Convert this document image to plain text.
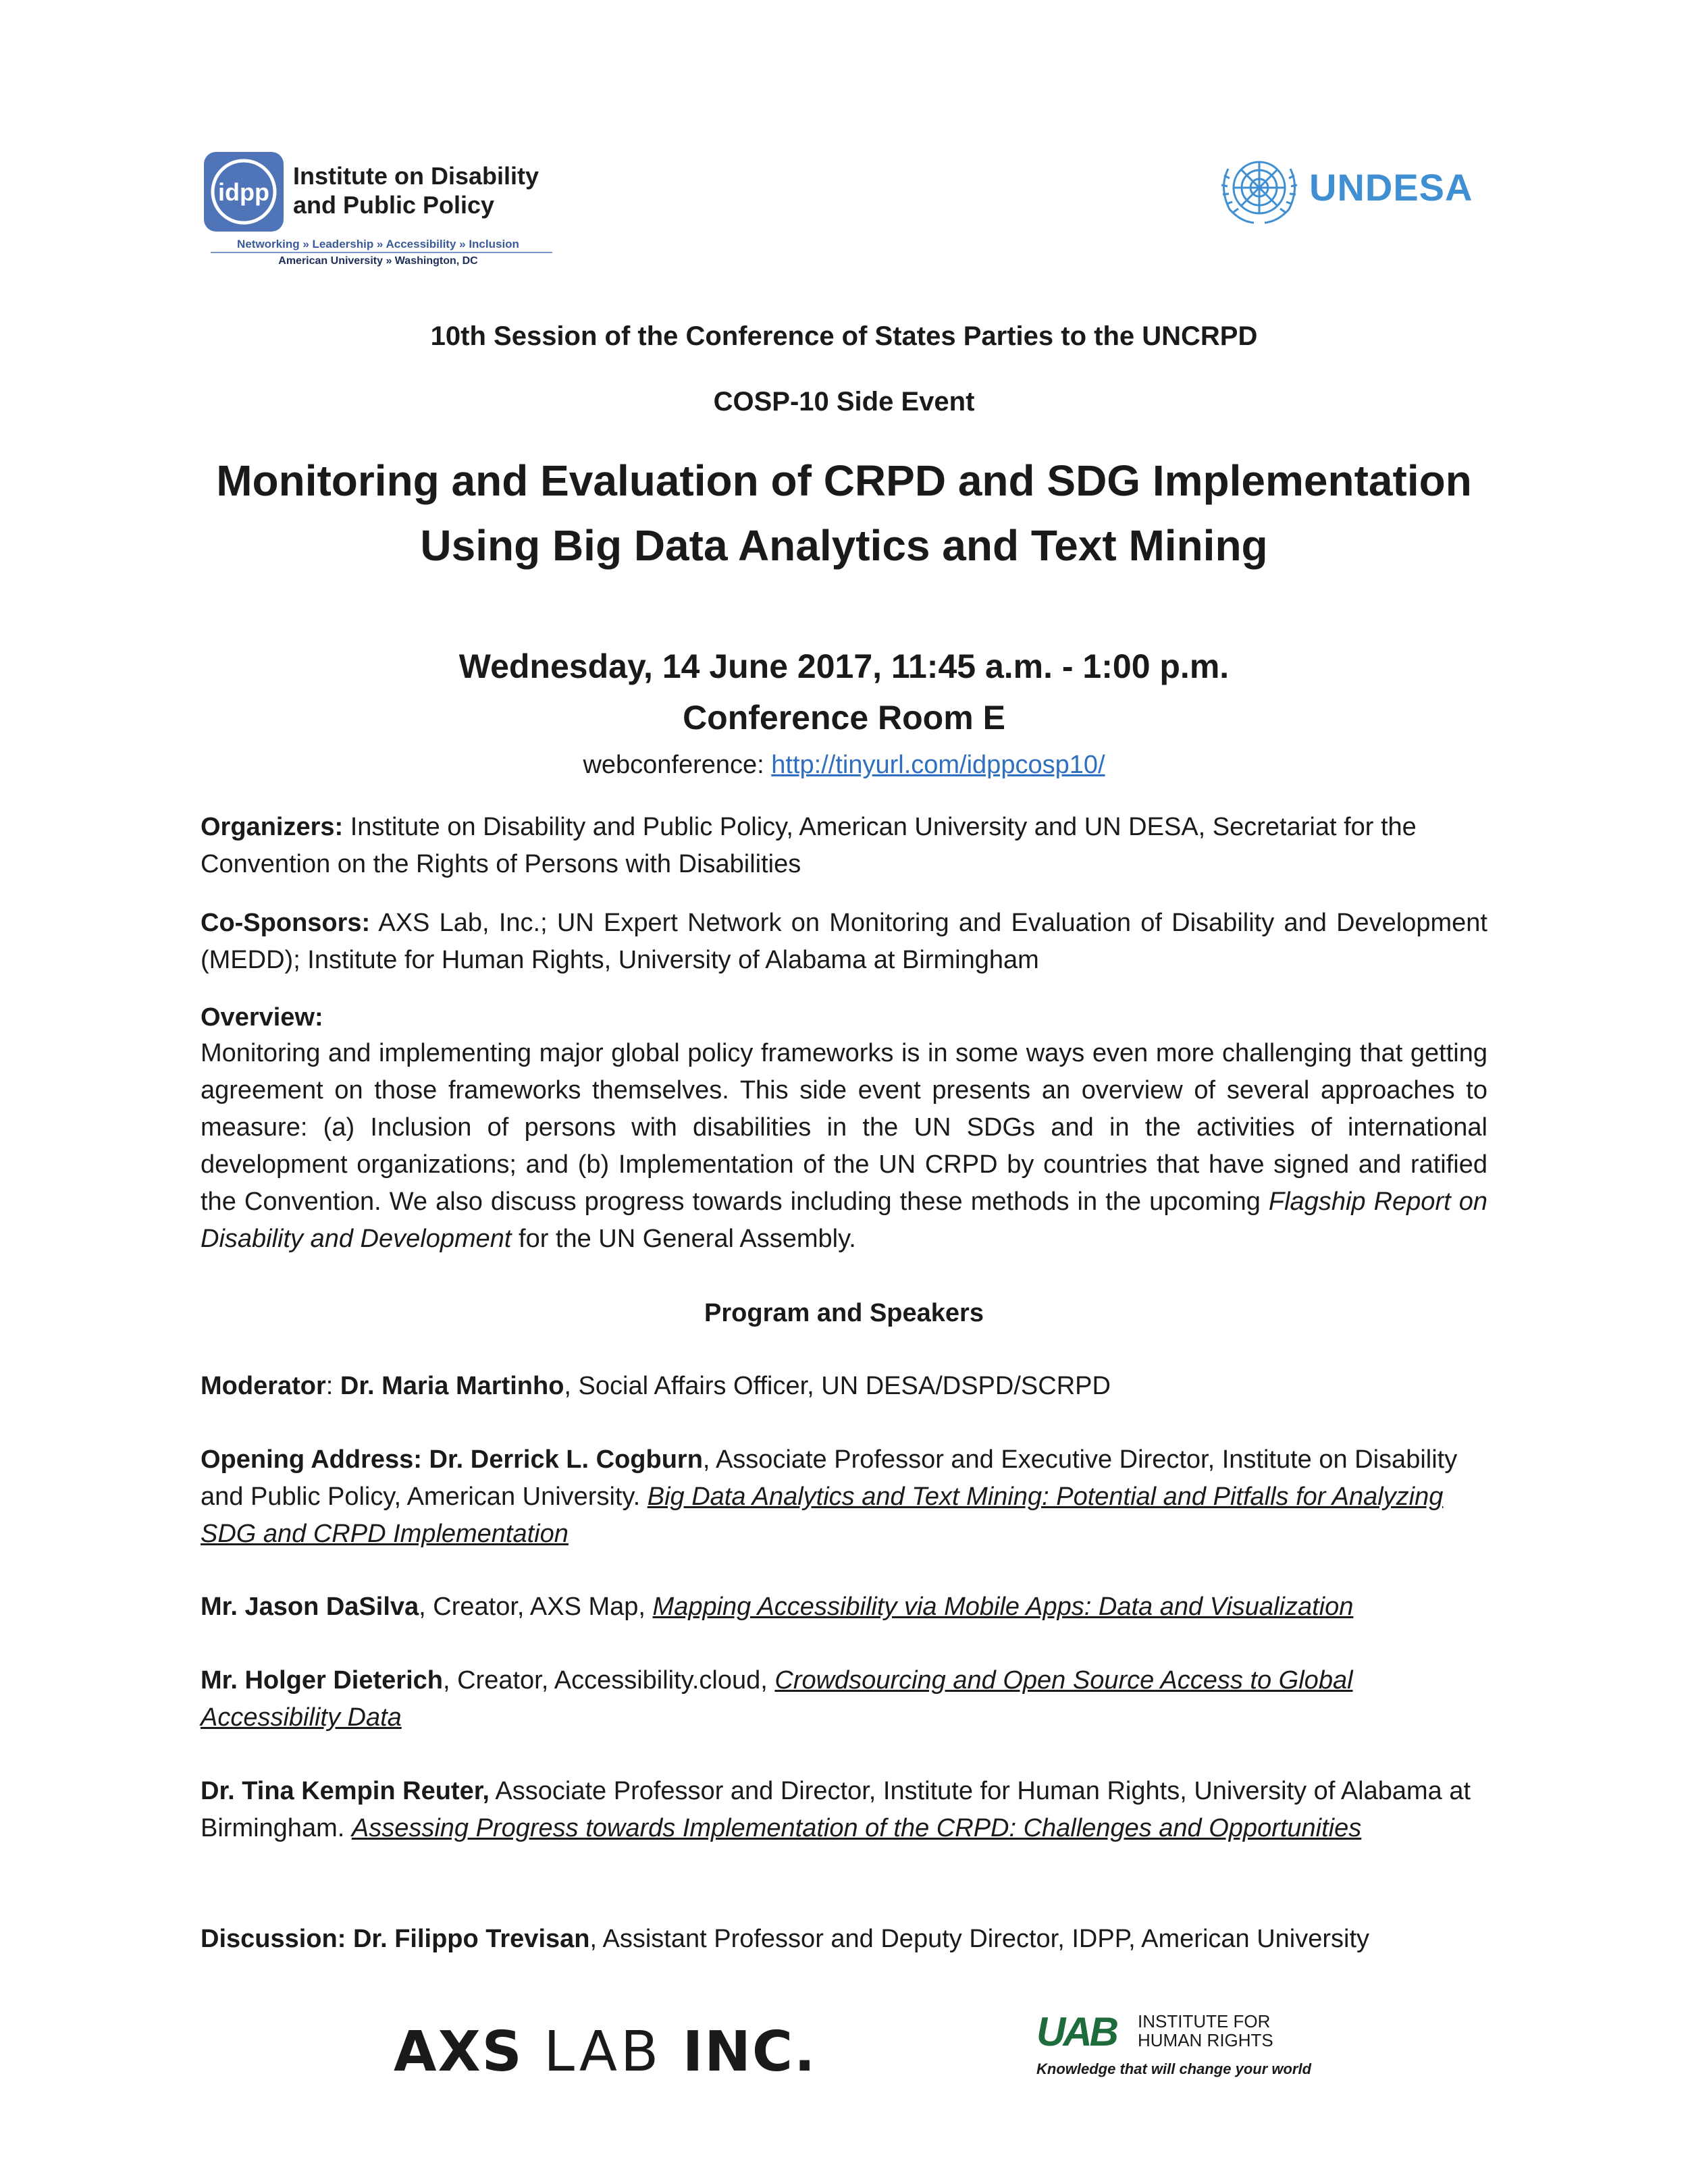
idpp
Institute on Disability
and Public Policy
Networking » Leadership » Accessibility » Inclusion
American University » Washington, DC
UNDESA
10th Session of the Conference of States Parties to the UNCRPD
COSP-10 Side Event
Monitoring and Evaluation of CRPD and SDG Implementation
Using Big Data Analytics and Text Mining
Wednesday, 14 June 2017, 11:45 a.m. - 1:00 p.m.
Conference Room E
webconference: http://tinyurl.com/idppcosp10/
Organizers: Institute on Disability and Public Policy, American University and UN DESA, Secretariat for the Convention on the Rights of Persons with Disabilities
Co-Sponsors: AXS Lab, Inc.; UN Expert Network on Monitoring and Evaluation of Disability and Development (MEDD); Institute for Human Rights, University of Alabama at Birmingham
Overview:
Monitoring and implementing major global policy frameworks is in some ways even more challenging that getting agreement on those frameworks themselves. This side event presents an overview of several approaches to measure: (a) Inclusion of persons with disabilities in the UN SDGs and in the activities of international development organizations; and (b) Implementation of the UN CRPD by countries that have signed and ratified the Convention. We also discuss progress towards including these methods in the upcoming Flagship Report on Disability and Development for the UN General Assembly.
Program and Speakers
Moderator: Dr. Maria Martinho, Social Affairs Officer, UN DESA/DSPD/SCRPD
Opening Address: Dr. Derrick L. Cogburn, Associate Professor and Executive Director, Institute on Disability and Public Policy, American University. Big Data Analytics and Text Mining: Potential and Pitfalls for Analyzing SDG and CRPD Implementation
Mr. Jason DaSilva, Creator, AXS Map, Mapping Accessibility via Mobile Apps: Data and Visualization
Mr. Holger Dieterich, Creator, Accessibility.cloud, Crowdsourcing and Open Source Access to Global Accessibility Data
Dr. Tina Kempin Reuter, Associate Professor and Director, Institute for Human Rights, University of Alabama at Birmingham. Assessing Progress towards Implementation of the CRPD: Challenges and Opportunities
Discussion: Dr. Filippo Trevisan, Assistant Professor and Deputy Director, IDPP, American University
AXS LAB INC.	UAB INSTITUTE FOR
HUMAN RIGHTS
Knowledge that will change your world
